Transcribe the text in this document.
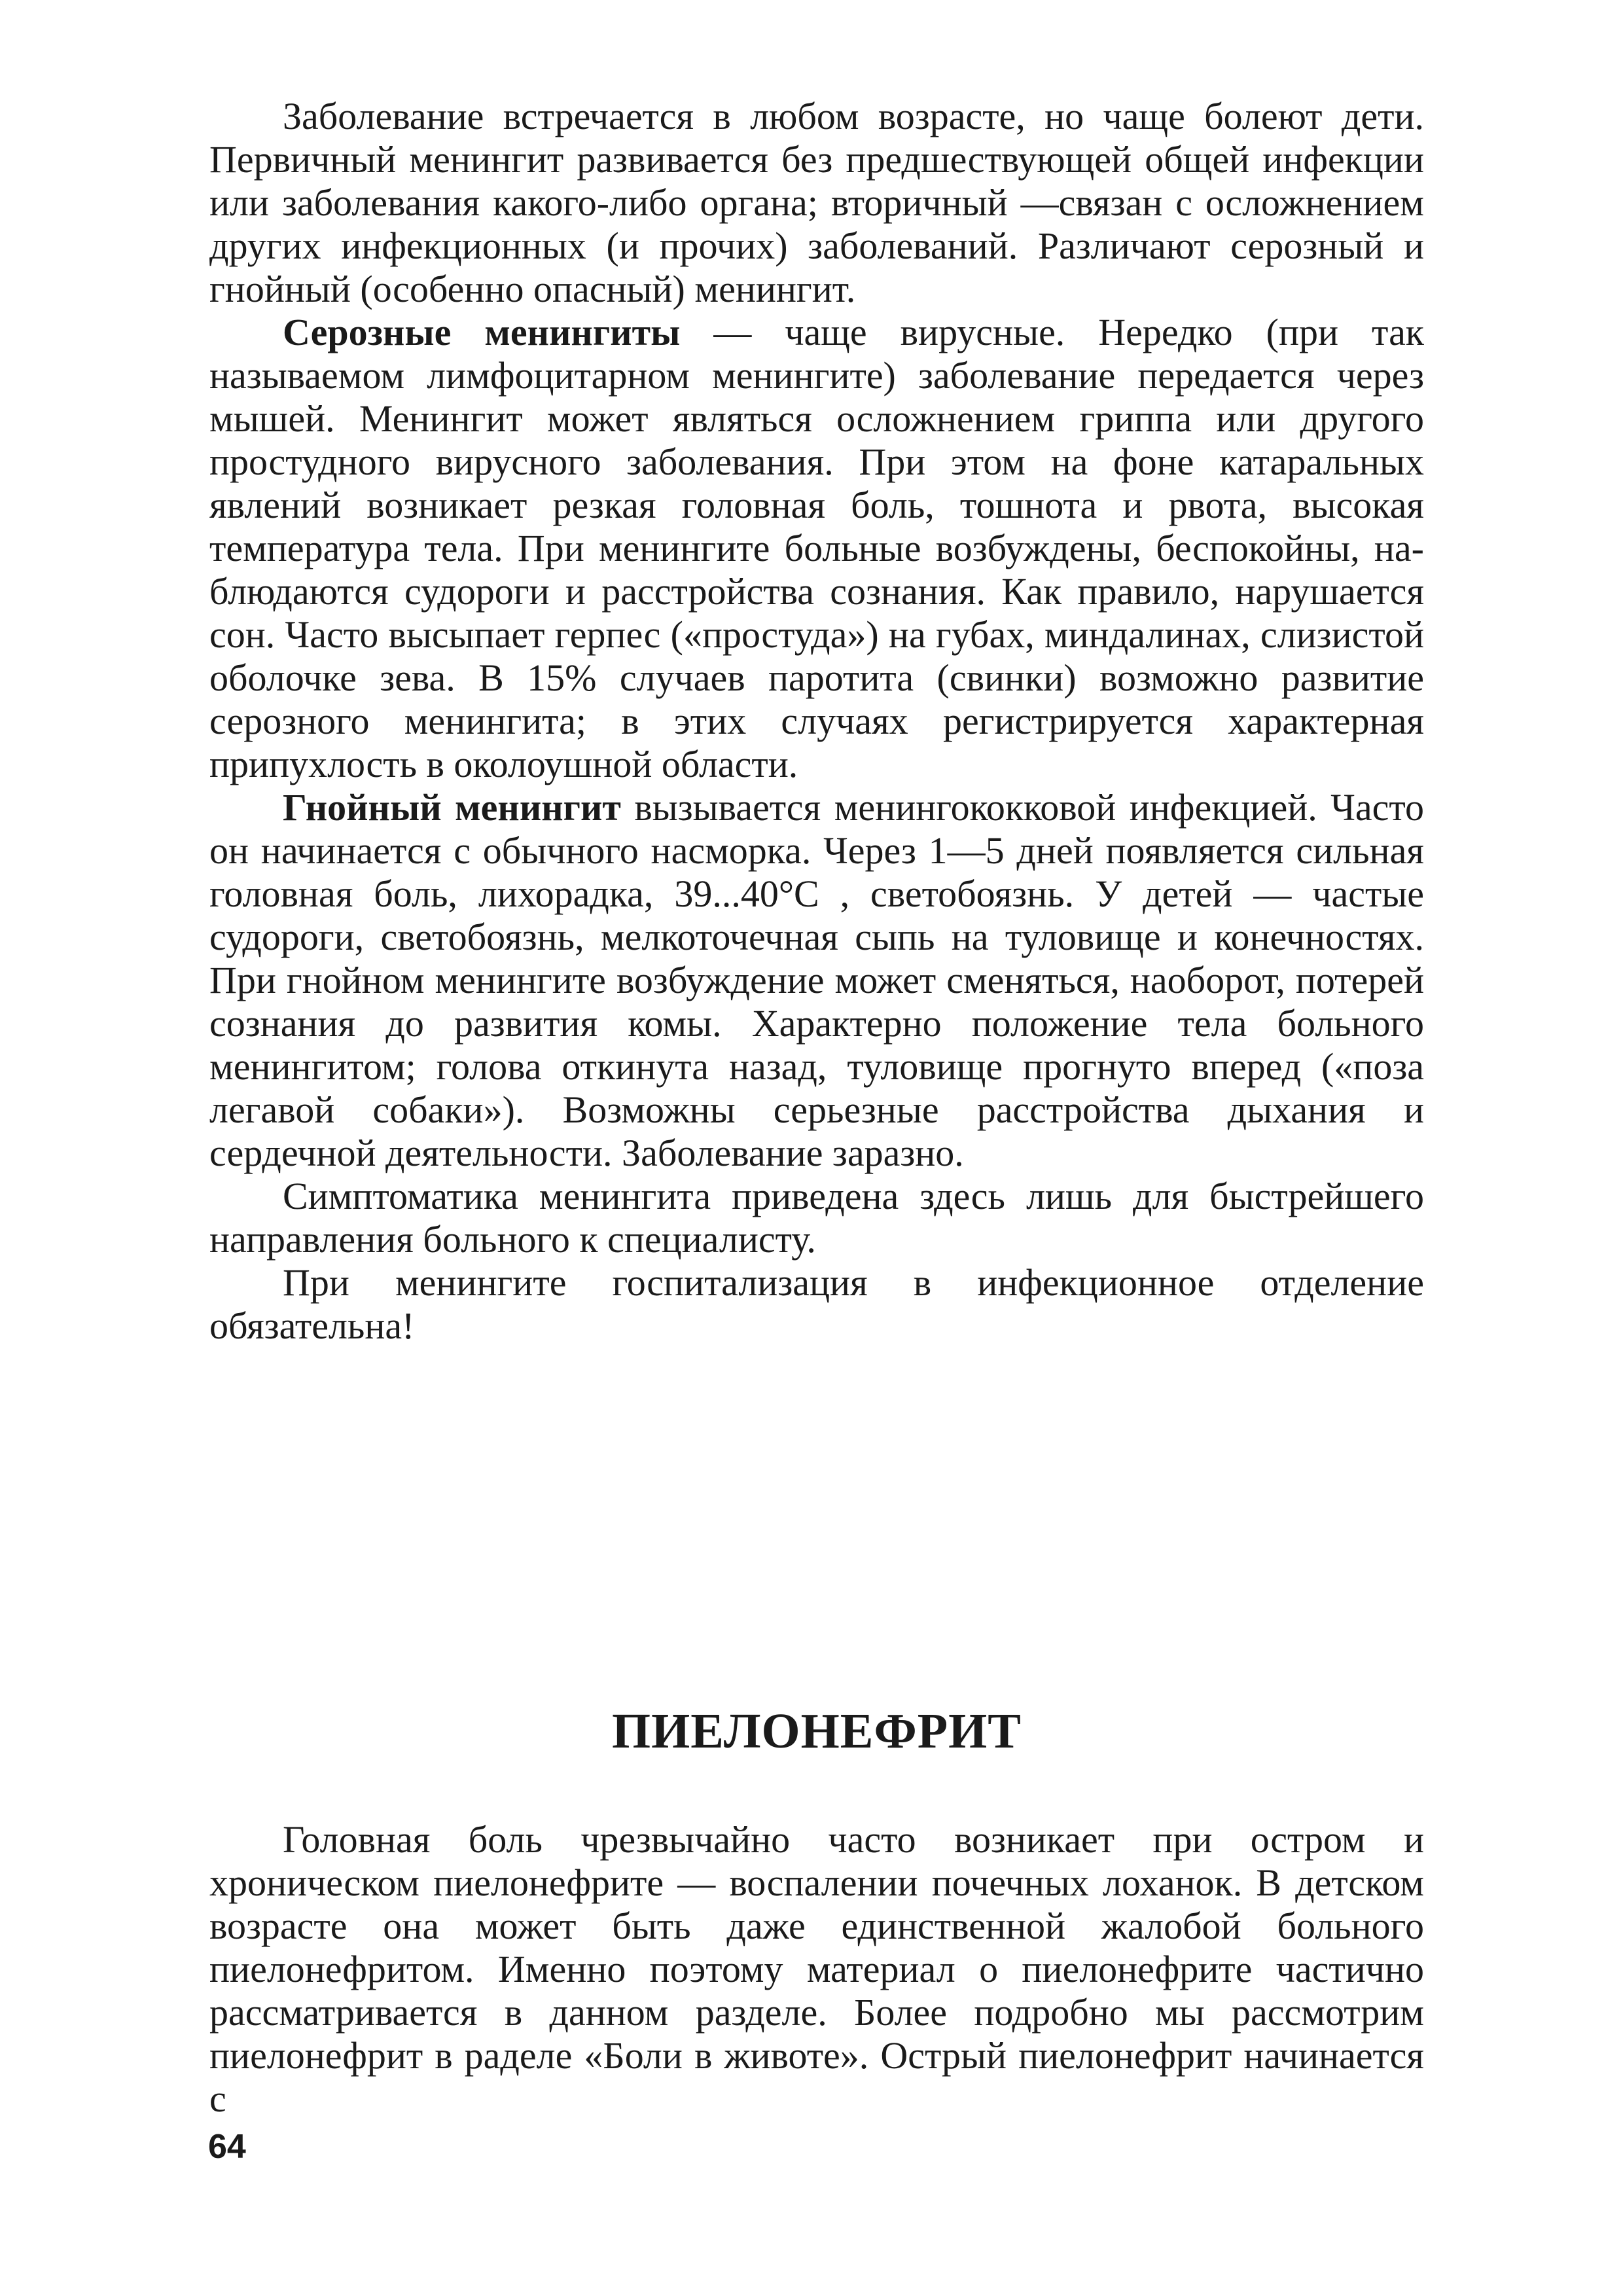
Заболевание встречается в любом возрасте, но чаще болеют дети. Первичный менингит развивается без предшествующей общей инфекции или заболевания какого-либо органа; вторичный —связан с осложнением других инфекционных (и прочих) заболеваний. Различают серозный и гнойный (особенно опасный) менингит.

Серозные менингиты — чаще вирусные. Нередко (при так называемом лимфоцитарном менингите) заболевание передается через мышей. Менингит может являться осложнением гриппа или другого простудного вирусного заболевания. При этом на фоне катаральных явлений возникает резкая головная боль, тошнота и рвота, высокая температура тела. При менингите больные возбуждены, беспокойны, наблюдаются судороги и расстройства сознания. Как правило, нарушается сон. Часто высыпает герпес («простуда») на губах, миндалинах, слизистой оболочке зева. В 15% случаев паротита (свинки) возможно развитие серозного менингита; в этих случаях регистрируется характерная припухлость в околоушной области.

Гнойный менингит вызывается менингококковой инфекцией. Часто он начинается с обычного насморка. Через 1—5 дней появляется сильная головная боль, лихорадка, 39...40°С , светобоязнь. У детей — частые судороги, светобоязнь, мелкоточечная сыпь на туловище и конечностях. При гнойном менингите возбуждение может сменяться, наоборот, потерей сознания до развития комы. Характерно положение тела больного менингитом; голова откинута назад, туловище прогнуто вперед («поза легавой собаки»). Возможны серьезные расстройства дыхания и сердечной деятельности. Заболевание заразно.

Симптоматика менингита приведена здесь лишь для быстрейшего направления больного к специалисту.

При менингите госпитализация в инфекционное отделение обязательна!

ПИЕЛОНЕФРИТ

Головная боль чрезвычайно часто возникает при остром и хроническом пиелонефрите — воспалении почечных лоханок. В детском возрасте она может быть даже единственной жалобой больного пиелонефритом. Именно поэтому материал о пиелонефрите частично рассматривается в данном разделе. Более подробно мы рассмотрим пиелонефрит в раделе «Боли в животе». Острый пиелонефрит начинается с

64
